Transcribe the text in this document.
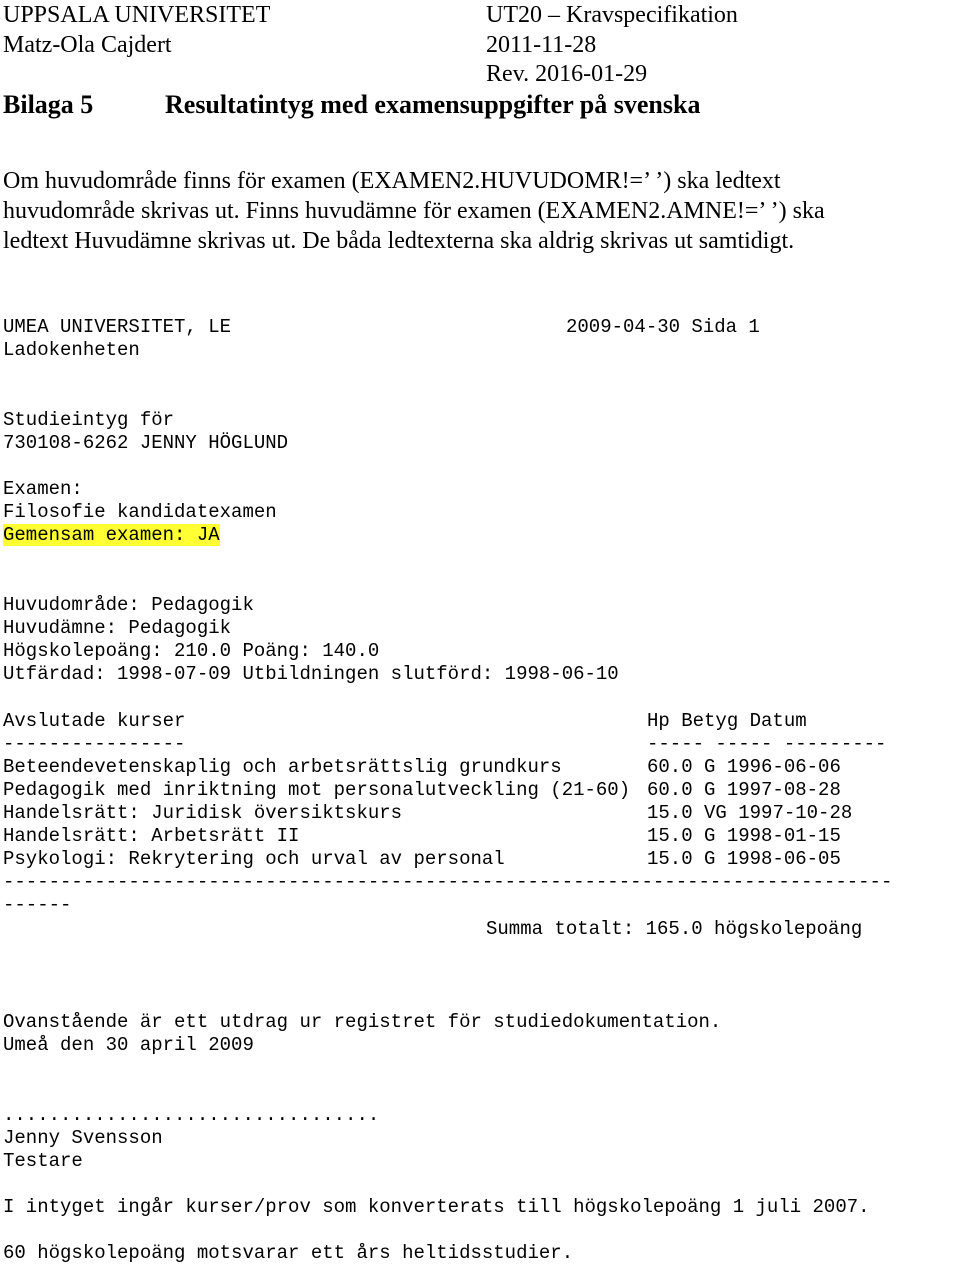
UPPSALA UNIVERSITET
Matz-Ola Cajdert
UT20 – Kravspecifikation
2011-11-28
Rev. 2016-01-29
Bilaga 5	Resultatintyg med examensuppgifter på svenska

Om huvudområde finns för examen (EXAMEN2.HUVUDOMR!=’ ’) ska ledtext

huvudområde skrivas ut. Finns huvudämne för examen (EXAMEN2.AMNE!=’ ’) ska

ledtext Huvudämne skrivas ut. De båda ledtexterna ska aldrig skrivas ut samtidigt.

UMEA UNIVERSITET, LE	2009-04-30 Sida 1
Ladokenheten
Studieintyg för
730108-6262 JENNY HÖGLUND
Examen:
Filosofie kandidatexamen
Gemensam examen: JA
Huvudområde: Pedagogik
Huvudämne: Pedagogik
Högskolepoäng: 210.0 Poäng: 140.0
Utfärdad: 1998-07-09 Utbildningen slutförd: 1998-06-10
Avslutade kurser	Hp Betyg Datum
----------------	----- ----- ---------
Beteendevetenskaplig och arbetsrättslig grundkurs	60.0 G 1996-06-06
Pedagogik med inriktning mot personalutveckling (21-60) 60.0 G 1997-08-28
Handelsrätt: Juridisk översiktskurs	15.0 VG 1997-10-28
Handelsrätt: Arbetsrätt II	15.0 G 1998-01-15
Psykologi: Rekrytering och urval av personal	15.0 G 1998-06-05
------------------------------------------------------------------------------
------
Summa totalt: 165.0 högskolepoäng
Ovanstående är ett utdrag ur registret för studiedokumentation.
Umeå den 30 april 2009
.................................
Jenny Svensson
Testare
I intyget ingår kurser/prov som konverterats till högskolepoäng 1 juli 2007.
60 högskolepoäng motsvarar ett års heltidsstudier.
